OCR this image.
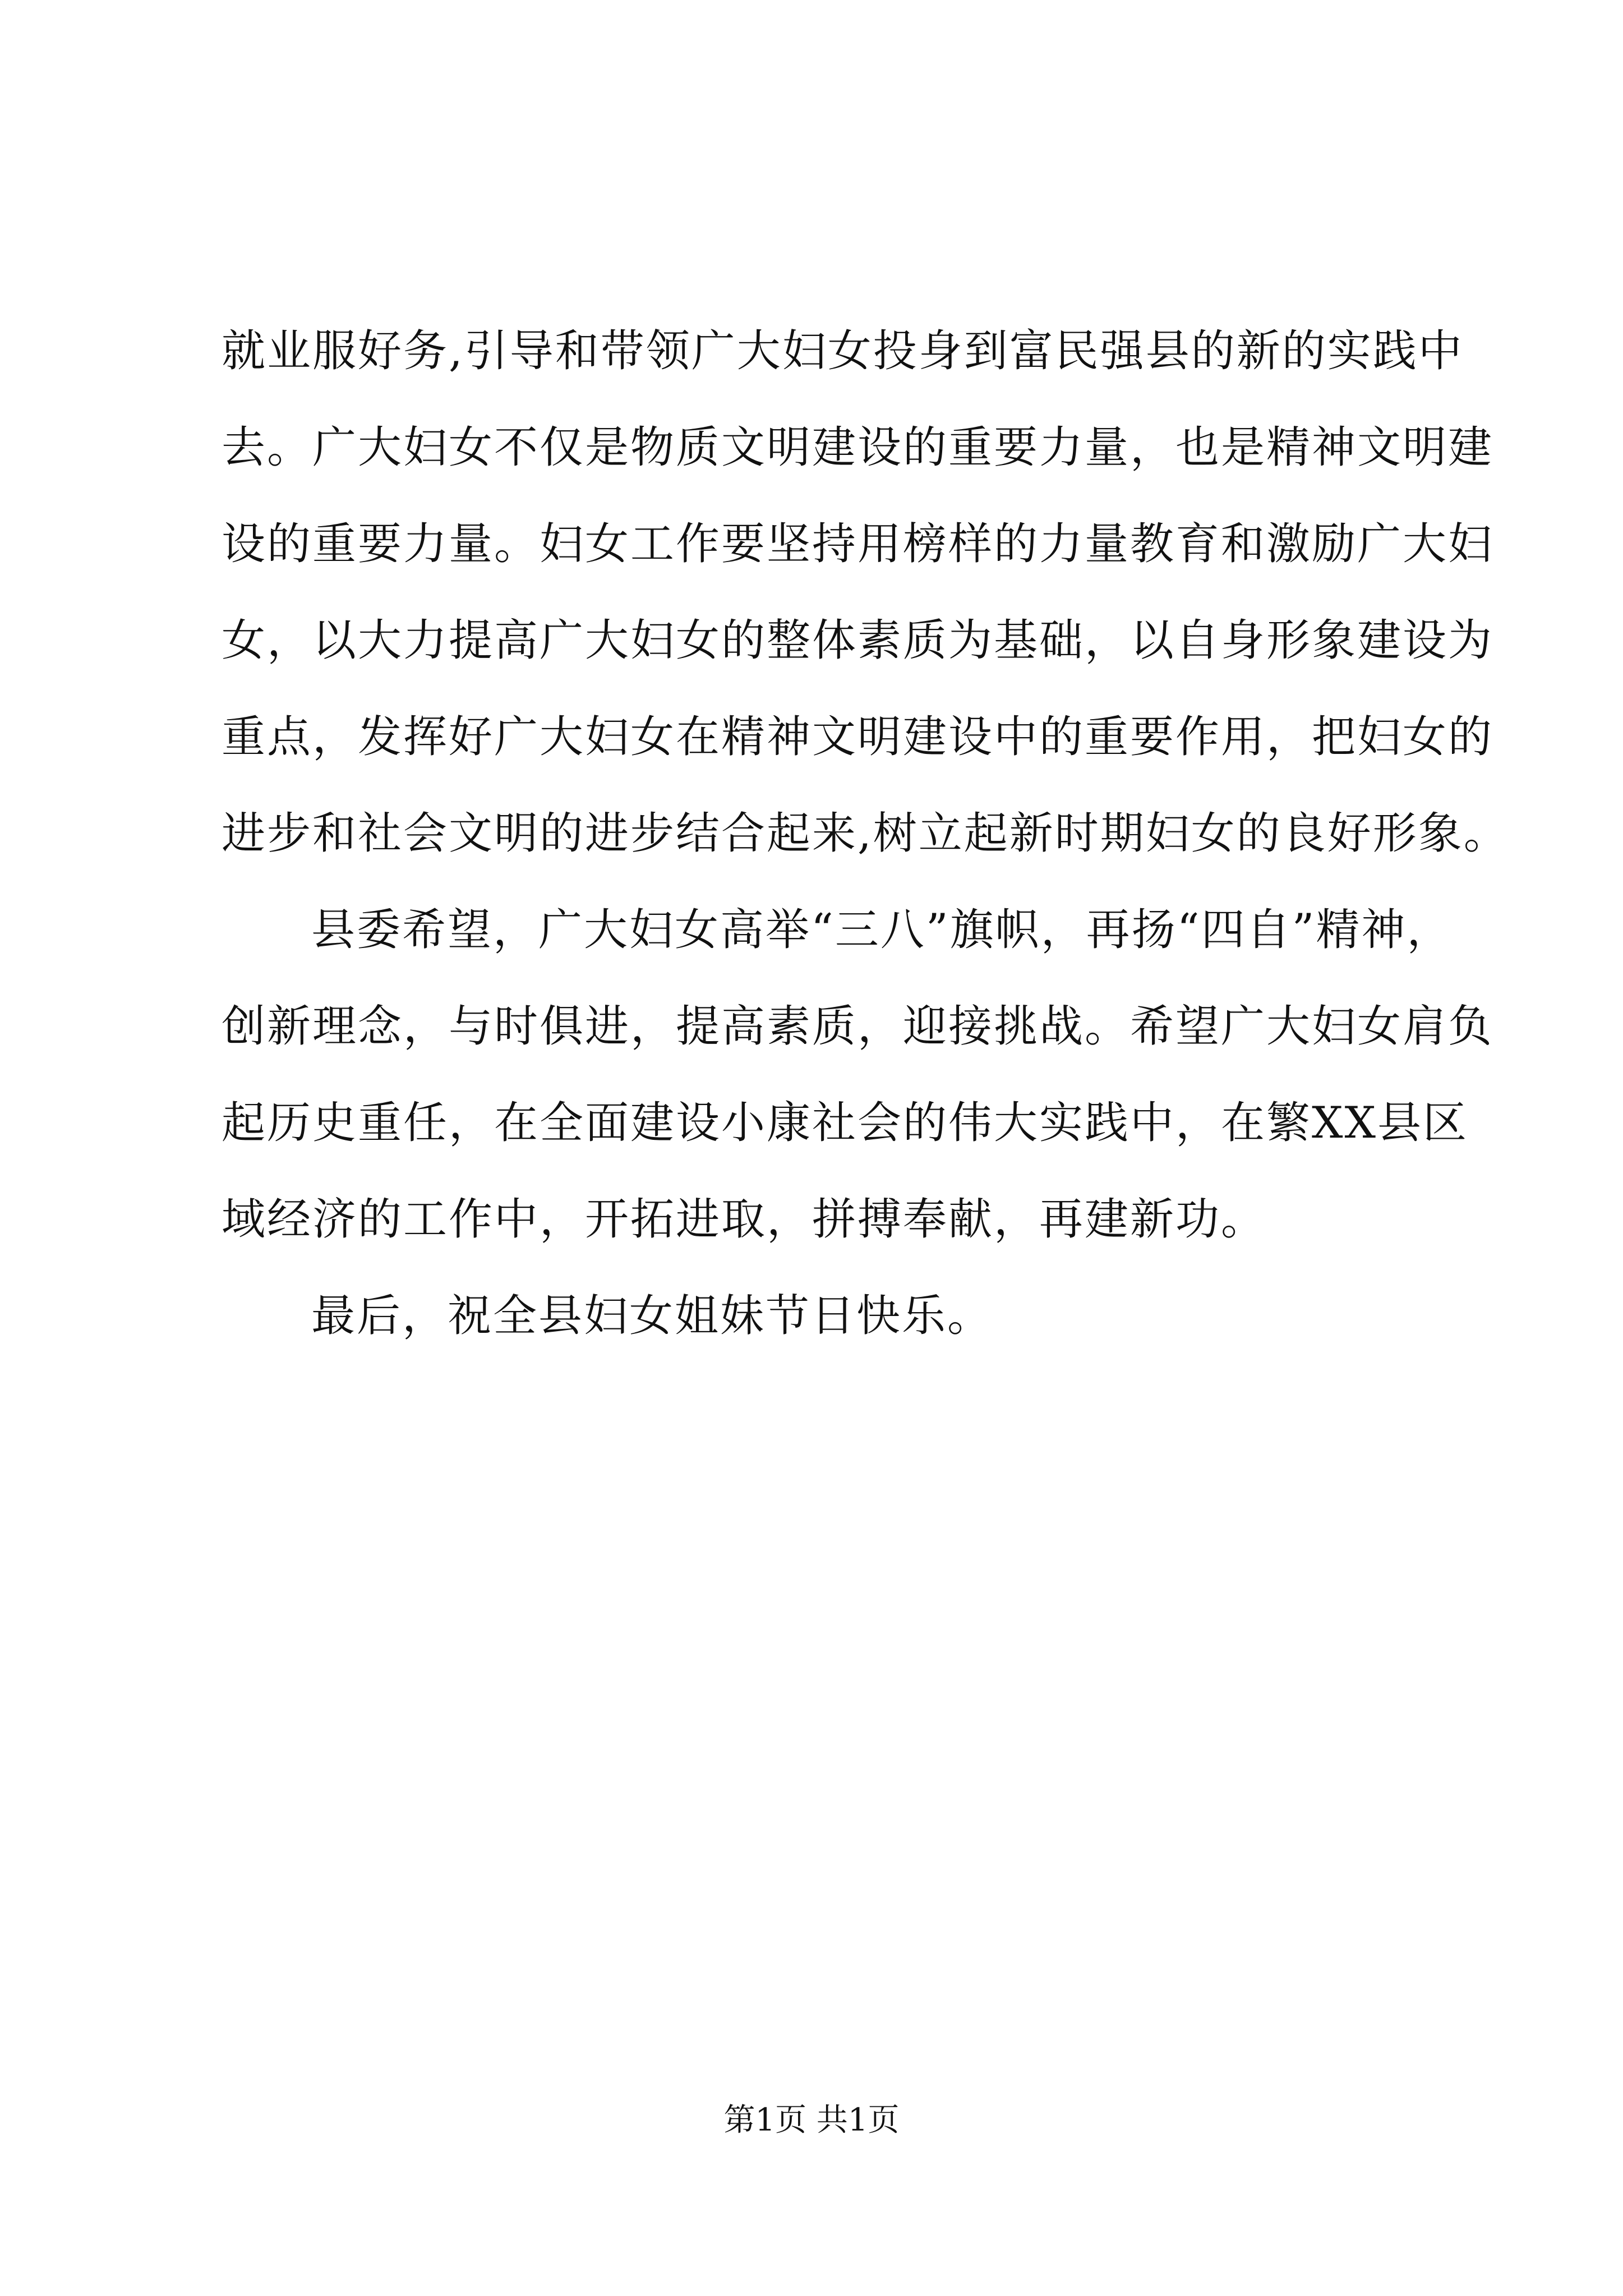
就业服好务,引导和带领广大妇女投身到富民强县的新的实践中
去。广大妇女不仅是物质文明建设的重要力量，也是精神文明建
设的重要力量。妇女工作要坚持用榜样的力量教育和激励广大妇
女，以大力提高广大妇女的整体素质为基础，以自身形象建设为
重点，发挥好广大妇女在精神文明建设中的重要作用，把妇女的
进步和社会文明的进步结合起来,树立起新时期妇女的良好形象。
县委希望，广大妇女高举“三八”旗帜，再扬“四自”精神，
创新理念，与时俱进，提高素质，迎接挑战。希望广大妇女肩负
起历史重任，在全面建设小康社会的伟大实践中，在繁XX县区
域经济的工作中，开拓进取，拼搏奉献，再建新功。
最后，祝全县妇女姐妹节日快乐。
第1页 共1页
